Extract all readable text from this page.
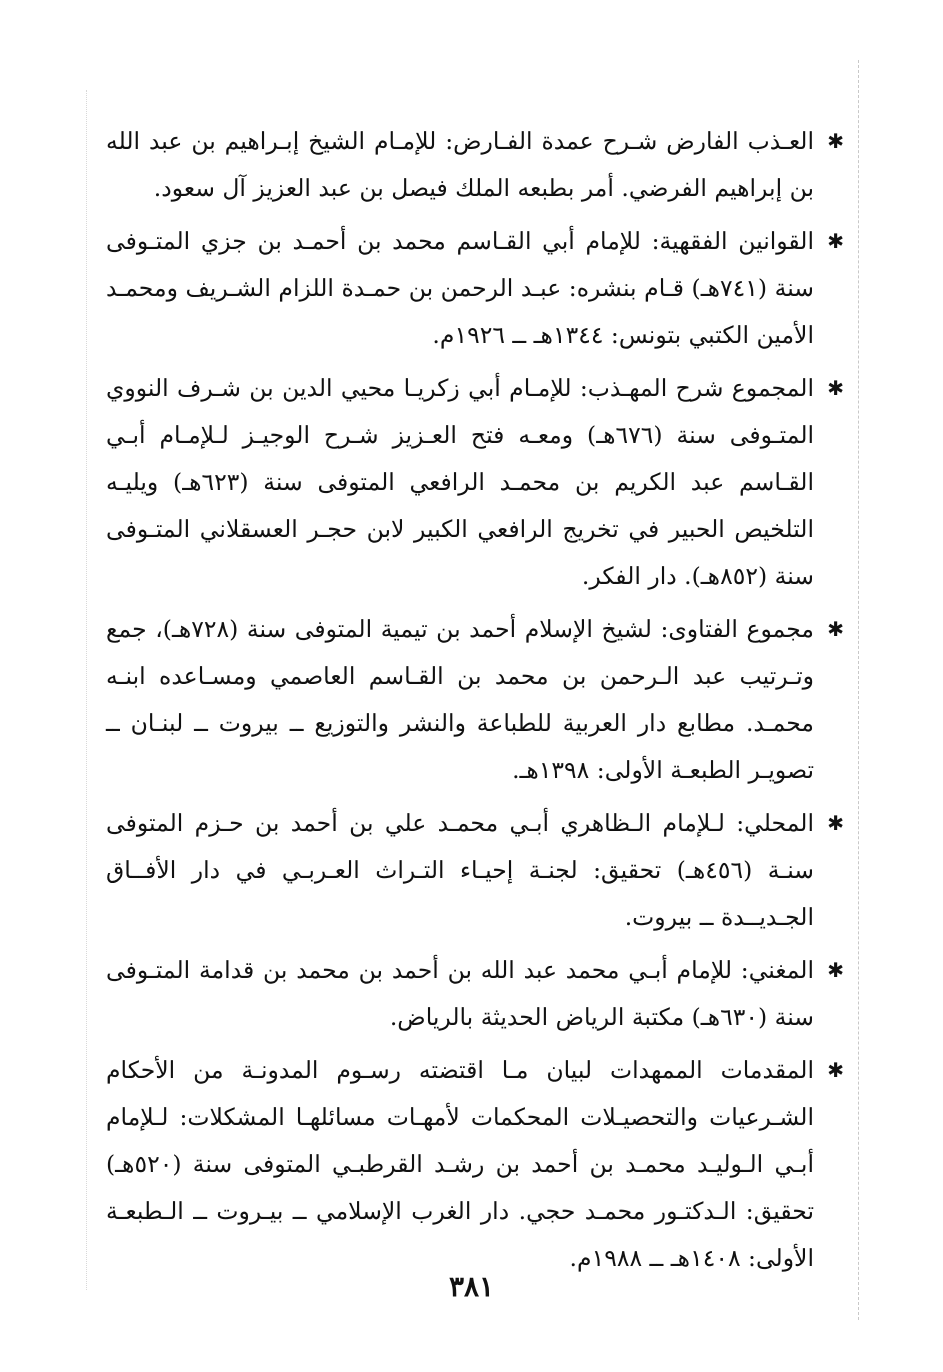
✱
العـذب الفارض شـرح عمدة الفـارض: للإمـام الشيخ إبـراهيم بن عبد الله بن إبراهيم الفرضي. أمر بطبعه الملك فيصل بن عبد العزيز آل سعود.
✱
القوانين الفقهية: للإمام أبي القـاسم محمد بن أحمـد بن جزي المتـوفى سنة (٧٤١هـ) قـام بنشره: عبـد الرحمن بن حمـدة اللزام الشـريف ومحمـد الأمين الكتبي بتونس: ١٣٤٤هـ ــ ١٩٢٦م.
✱
المجموع شرح المهـذب: للإمـام أبي زكريـا محيي الدين بن شـرف النووي المتـوفى سنة (٦٧٦هـ) ومعـه فتح العـزيز شـرح الوجيـز لـلإمـام أبـي القـاسم عبد الكريم بن محمـد الرافعي المتوفى سنة (٦٢٣هـ) ويليـه التلخيص الحبير في تخريج الرافعي الكبير لابن حجـر العسقلاني المتـوفى سنة (٨٥٢هـ). دار الفكر.
✱
مجموع الفتاوى: لشيخ الإسلام أحمد بن تيمية المتوفى سنة (٧٢٨هـ)، جمع وتـرتيب عبد الـرحمن بن محمد بن القـاسم العاصمي ومسـاعده ابنـه محمـد. مطابع دار العربية للطباعة والنشر والتوزيع ــ بيروت ــ لبنـان ــ تصويـر الطبعـة الأولى: ١٣٩٨هـ.
✱
المحلي: لـلإمام الـظاهري أبـي محمـد علي بن أحمد بن حـزم المتوفى سنـة (٤٥٦هـ) تحقيق: لجنـة إحيـاء التـراث العـربـي في دار الأفــاق الجـديــدة ــ بيروت.
✱
المغني: للإمام أبـي محمد عبد الله بن أحمد بن محمد بن قدامة المتـوفى سنة (٦٣٠هـ) مكتبة الرياض الحديثة بالرياض.
✱
المقدمات الممهدات لبيان مـا اقتضته رسـوم المدونـة من الأحكام الشـرعيات والتحصيـلات المحكمات لأمهـات مسائلهـا المشكلات: لـلإمام أبـي الـوليـد محمـد بن أحمد بن رشـد القرطبـي المتوفى سنة (٥٢٠هـ) تحقيق: الـدكتـور محمـد حجي. دار الغرب الإسلامي ــ بيـروت ــ الـطبعـة الأولى: ١٤٠٨هـ ــ ١٩٨٨م.
٣٨١
